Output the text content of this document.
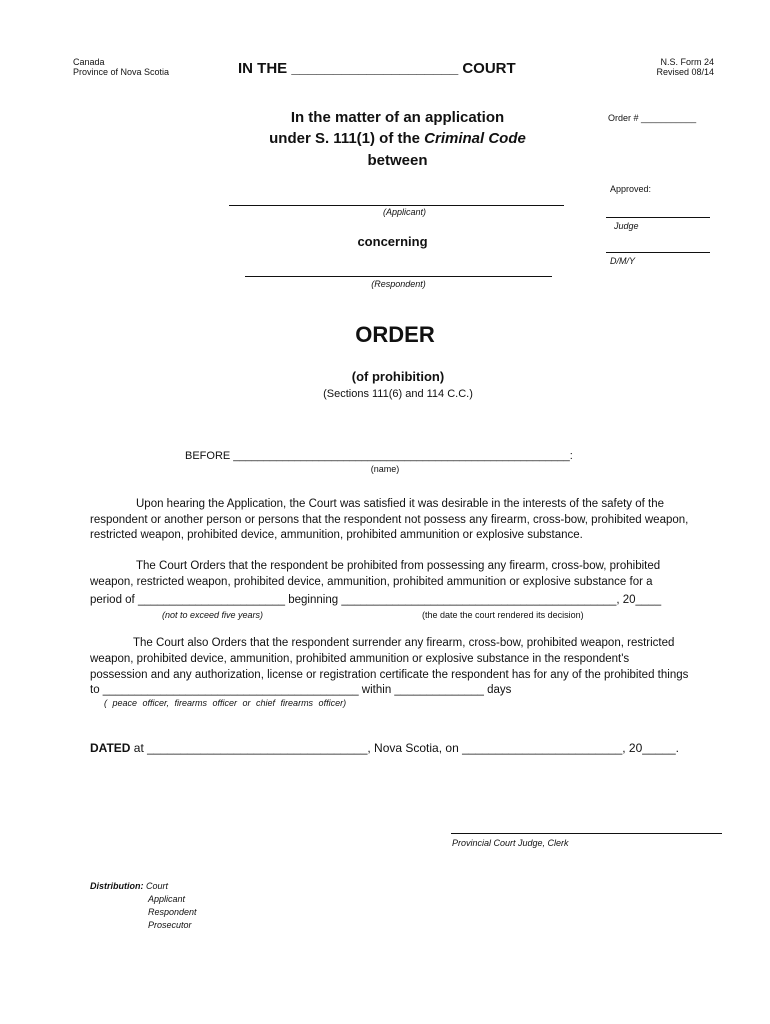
Canada
Province of Nova Scotia	IN THE ____________________ COURT	N.S. Form 24
Revised 08/14
In the matter of an application
under S. 111(1) of the Criminal Code
between
(Applicant)
concerning
(Respondent)
Order # ___________
Approved:
Judge
D/M/Y
ORDER
(of prohibition)
(Sections 111(6) and 114 C.C.)
BEFORE _______________________________________________________:
(name)
Upon hearing the Application, the Court was satisfied it was desirable in the interests of the safety of the
respondent or another person or persons that the respondent not possess any firearm, cross-bow, prohibited weapon,
restricted weapon, prohibited device, ammunition, prohibited ammunition or explosive substance.
The Court Orders that the respondent be prohibited from possessing any firearm, cross-bow, prohibited
weapon, restricted weapon, prohibited device, ammunition, prohibited ammunition or explosive substance for a
period of _______________________ beginning ___________________________________________, 20____
(not to exceed five years)	(the date the court rendered its decision)
The Court also Orders that the respondent surrender any firearm, cross-bow, prohibited weapon, restricted
weapon, prohibited device, ammunition, prohibited ammunition or explosive substance in the respondent's
possession and any authorization, license or registration certificate the respondent has for any of the prohibited things
to ________________________________________ within ______________ days
( peace officer, firearms officer or chief firearms officer)
DATED at _________________________________, Nova Scotia, on ________________________, 20_____.
Provincial Court Judge, Clerk
Distribution: Court
Applicant
Respondent
Prosecutor
